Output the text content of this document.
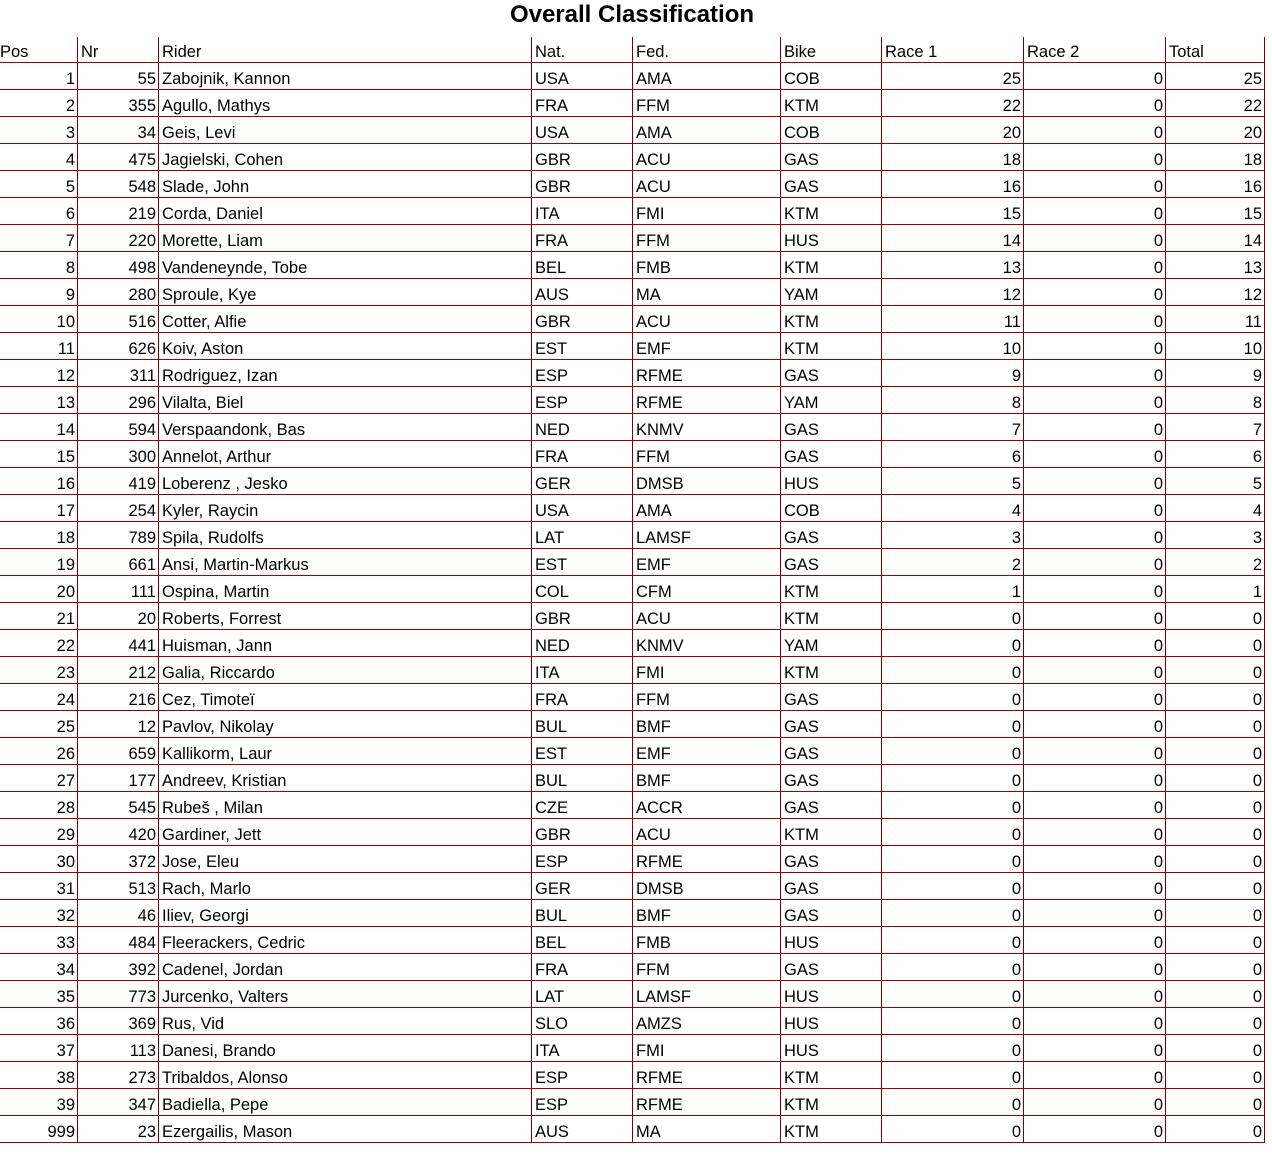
Overall Classification
Pos	Nr	Rider	Nat.	Fed.	Bike	Race 1	Race 2	Total
1	55	Zabojnik, Kannon	USA	AMA	COB	25	0	25
2	355	Agullo, Mathys	FRA	FFM	KTM	22	0	22
3	34	Geis, Levi	USA	AMA	COB	20	0	20
4	475	Jagielski, Cohen	GBR	ACU	GAS	18	0	18
5	548	Slade, John	GBR	ACU	GAS	16	0	16
6	219	Corda, Daniel	ITA	FMI	KTM	15	0	15
7	220	Morette, Liam	FRA	FFM	HUS	14	0	14
8	498	Vandeneynde, Tobe	BEL	FMB	KTM	13	0	13
9	280	Sproule, Kye	AUS	MA	YAM	12	0	12
10	516	Cotter, Alfie	GBR	ACU	KTM	11	0	11
11	626	Koiv, Aston	EST	EMF	KTM	10	0	10
12	311	Rodriguez, Izan	ESP	RFME	GAS	9	0	9
13	296	Vilalta, Biel	ESP	RFME	YAM	8	0	8
14	594	Verspaandonk, Bas	NED	KNMV	GAS	7	0	7
15	300	Annelot, Arthur	FRA	FFM	GAS	6	0	6
16	419	Loberenz , Jesko	GER	DMSB	HUS	5	0	5
17	254	Kyler, Raycin	USA	AMA	COB	4	0	4
18	789	Spila, Rudolfs	LAT	LAMSF	GAS	3	0	3
19	661	Ansi, Martin-Markus	EST	EMF	GAS	2	0	2
20	111	Ospina, Martin	COL	CFM	KTM	1	0	1
21	20	Roberts, Forrest	GBR	ACU	KTM	0	0	0
22	441	Huisman, Jann	NED	KNMV	YAM	0	0	0
23	212	Galia, Riccardo	ITA	FMI	KTM	0	0	0
24	216	Cez, Timoteï	FRA	FFM	GAS	0	0	0
25	12	Pavlov, Nikolay	BUL	BMF	GAS	0	0	0
26	659	Kallikorm, Laur	EST	EMF	GAS	0	0	0
27	177	Andreev, Kristian	BUL	BMF	GAS	0	0	0
28	545	Rubeš , Milan	CZE	ACCR	GAS	0	0	0
29	420	Gardiner, Jett	GBR	ACU	KTM	0	0	0
30	372	Jose, Eleu	ESP	RFME	GAS	0	0	0
31	513	Rach, Marlo	GER	DMSB	GAS	0	0	0
32	46	Iliev, Georgi	BUL	BMF	GAS	0	0	0
33	484	Fleerackers, Cedric	BEL	FMB	HUS	0	0	0
34	392	Cadenel, Jordan	FRA	FFM	GAS	0	0	0
35	773	Jurcenko, Valters	LAT	LAMSF	HUS	0	0	0
36	369	Rus, Vid	SLO	AMZS	HUS	0	0	0
37	113	Danesi, Brando	ITA	FMI	HUS	0	0	0
38	273	Tribaldos, Alonso	ESP	RFME	KTM	0	0	0
39	347	Badiella, Pepe	ESP	RFME	KTM	0	0	0
999	23	Ezergailis, Mason	AUS	MA	KTM	0	0	0
